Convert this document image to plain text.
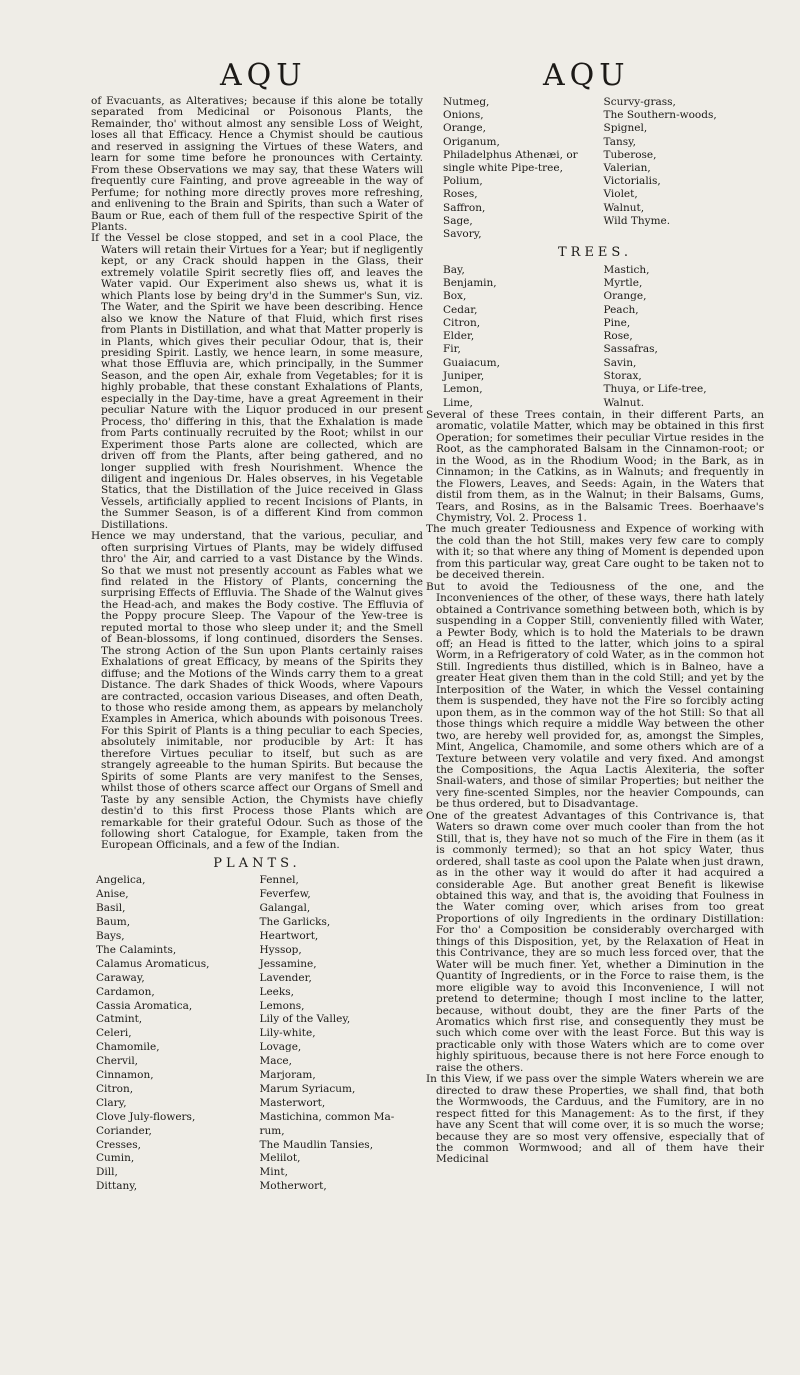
AQU	AQU

of Evacuants, as Alteratives; because if this alone be totally separated from Medicinal or Poisonous Plants, the Remainder, tho' without almost any sensible Loss of Weight, loses all that Efficacy. Hence a Chymist should be cautious and reserved in assigning the Virtues of these Waters, and learn for some time before he pronounces with Certainty. From these Observations we may say, that these Waters will frequently cure Fainting, and prove agreeable in the way of Perfume; for nothing more directly proves more refreshing, and enlivening to the Brain and Spirits, than such a Water of Baum or Rue, each of them full of the respective Spirit of the Plants.

If the Vessel be close stopped, and set in a cool Place, the Waters will retain their Virtues for a Year; but if negligently kept, or any Crack should happen in the Glass, their extremely volatile Spirit secretly flies off, and leaves the Water vapid. Our Experiment also shews us, what it is which Plants lose by being dry'd in the Summer's Sun, viz. The Water, and the Spirit we have been describing. Hence also we know the Nature of that Fluid, which first rises from Plants in Distillation, and what that Matter properly is in Plants, which gives their peculiar Odour, that is, their presiding Spirit. Lastly, we hence learn, in some measure, what those Effluvia are, which principally, in the Summer Season, and the open Air, exhale from Vegetables; for it is highly probable, that these constant Exhalations of Plants, especially in the Day-time, have a great Agreement in their peculiar Nature with the Liquor produced in our present Process, tho' differing in this, that the Exhalation is made from Parts continually recruited by the Root; whilst in our Experiment those Parts alone are collected, which are driven off from the Plants, after being gathered, and no longer supplied with fresh Nourishment. Whence the diligent and ingenious Dr. Hales observes, in his Vegetable Statics, that the Distillation of the Juice received in Glass Vessels, artificially applied to recent Incisions of Plants, in the Summer Season, is of a different Kind from common Distillations.

Hence we may understand, that the various, peculiar, and often surprising Virtues of Plants, may be widely diffused thro' the Air, and carried to a vast Distance by the Winds. So that we must not presently account as Fables what we find related in the History of Plants, concerning the surprising Effects of Effluvia. The Shade of the Walnut gives the Head-ach, and makes the Body costive. The Effluvia of the Poppy procure Sleep. The Vapour of the Yew-tree is reputed mortal to those who sleep under it; and the Smell of Bean-blossoms, if long continued, disorders the Senses. The strong Action of the Sun upon Plants certainly raises Exhalations of great Efficacy, by means of the Spirits they diffuse; and the Motions of the Winds carry them to a great Distance. The dark Shades of thick Woods, where Vapours are contracted, occasion various Diseases, and often Death, to those who reside among them, as appears by melancholy Examples in America, which abounds with poisonous Trees. For this Spirit of Plants is a thing peculiar to each Species, absolutely inimitable, nor producible by Art: It has therefore Virtues peculiar to itself, but such as are strangely agreeable to the human Spirits. But because the Spirits of some Plants are very manifest to the Senses, whilst those of others scarce affect our Organs of Smell and Taste by any sensible Action, the Chymists have chiefly destin'd to this first Process those Plants which are remarkable for their grateful Odour. Such as those of the following short Catalogue, for Example, taken from the European Officinals, and a few of the Indian.

PLANTS.
Angelica,	Fennel,
Anise,	Feverfew,
Basil,	Galangal,
Baum,	The Garlicks,
Bays,	Heartwort,
The Calamints,	Hyssop,
Calamus Aromaticus,	Jessamine,
Caraway,	Lavender,
Cardamon,	Leeks,
Cassia Aromatica,	Lemons,
Catmint,	Lily of the Valley,
Celeri,	Lily-white,
Chamomile,	Lovage,
Chervil,	Mace,
Cinnamon,	Marjoram,
Citron,	Marum Syriacum,
Clary,	Masterwort,
Clove July-flowers,	Mastichina, common Ma-
Coriander,	rum,
Cresses,	The Maudlin Tansies,
Cumin,	Melilot,
Dill,	Mint,
Dittany,	Motherwort,
Nutmeg,	Scurvy-grass,
Onions,	The Southern-woods,
Orange,	Spignel,
Origanum,	Tansy,
Philadelphus Athenæi, or	Tuberose,
single white Pipe-tree,	Valerian,
Polium,	Victorialis,
Roses,	Violet,
Saffron,	Walnut,
Sage,	Wild Thyme.
Savory,
TREES.
Bay,	Mastich,
Benjamin,	Myrtle,
Box,	Orange,
Cedar,	Peach,
Citron,	Pine,
Elder,	Rose,
Fir,	Sassafras,
Guaiacum,	Savin,
Juniper,	Storax,
Lemon,	Thuya, or Life-tree,
Lime,	Walnut.

Several of these Trees contain, in their different Parts, an aromatic, volatile Matter, which may be obtained in this first Operation; for sometimes their peculiar Virtue resides in the Root, as the camphorated Balsam in the Cinnamon-root; or in the Wood, as in the Rhodium Wood; in the Bark, as in Cinnamon; in the Catkins, as in Walnuts; and frequently in the Flowers, Leaves, and Seeds: Again, in the Waters that distil from them, as in the Walnut; in their Balsams, Gums, Tears, and Rosins, as in the Balsamic Trees. Boerhaave's Chymistry, Vol. 2. Process 1.

The much greater Tediousness and Expence of working with the cold than the hot Still, makes very few care to comply with it; so that where any thing of Moment is depended upon from this particular way, great Care ought to be taken not to be deceived therein.

But to avoid the Tediousness of the one, and the Inconveniences of the other, of these ways, there hath lately obtained a Contrivance something between both, which is by suspending in a Copper Still, conveniently filled with Water, a Pewter Body, which is to hold the Materials to be drawn off; an Head is fitted to the latter, which joins to a spiral Worm, in a Refrigeratory of cold Water, as in the common hot Still. Ingredients thus distilled, which is in Balneo, have a greater Heat given them than in the cold Still; and yet by the Interposition of the Water, in which the Vessel containing them is suspended, they have not the Fire so forcibly acting upon them, as in the common way of the hot Still: So that all those things which require a middle Way between the other two, are hereby well provided for, as, amongst the Simples, Mint, Angelica, Chamomile, and some others which are of a Texture between very volatile and very fixed. And amongst the Compositions, the Aqua Lactis Alexiteria, the softer Snail-waters, and those of similar Properties; but neither the very fine-scented Simples, nor the heavier Compounds, can be thus ordered, but to Disadvantage.

One of the greatest Advantages of this Contrivance is, that Waters so drawn come over much cooler than from the hot Still, that is, they have not so much of the Fire in them (as it is commonly termed); so that an hot spicy Water, thus ordered, shall taste as cool upon the Palate when just drawn, as in the other way it would do after it had acquired a considerable Age. But another great Benefit is likewise obtained this way, and that is, the avoiding that Foulness in the Water coming over, which arises from too great Proportions of oily Ingredients in the ordinary Distillation: For tho' a Composition be considerably overcharged with things of this Disposition, yet, by the Relaxation of Heat in this Contrivance, they are so much less forced over, that the Water will be much finer. Yet, whether a Diminution in the Quantity of Ingredients, or in the Force to raise them, is the more eligible way to avoid this Inconvenience, I will not pretend to determine; though I most incline to the latter, because, without doubt, they are the finer Parts of the Aromatics which first rise, and consequently they must be such which come over with the least Force. But this way is practicable only with those Waters which are to come over highly spirituous, because there is not here Force enough to raise the others.

In this View, if we pass over the simple Waters wherein we are directed to draw these Properties, we shall find, that both the Wormwoods, the Carduus, and the Fumitory, are in no respect fitted for this Management: As to the first, if they have any Scent that will come over, it is so much the worse; because they are so most very offensive, especially that of the common Wormwood; and all of them have their Medicinal
